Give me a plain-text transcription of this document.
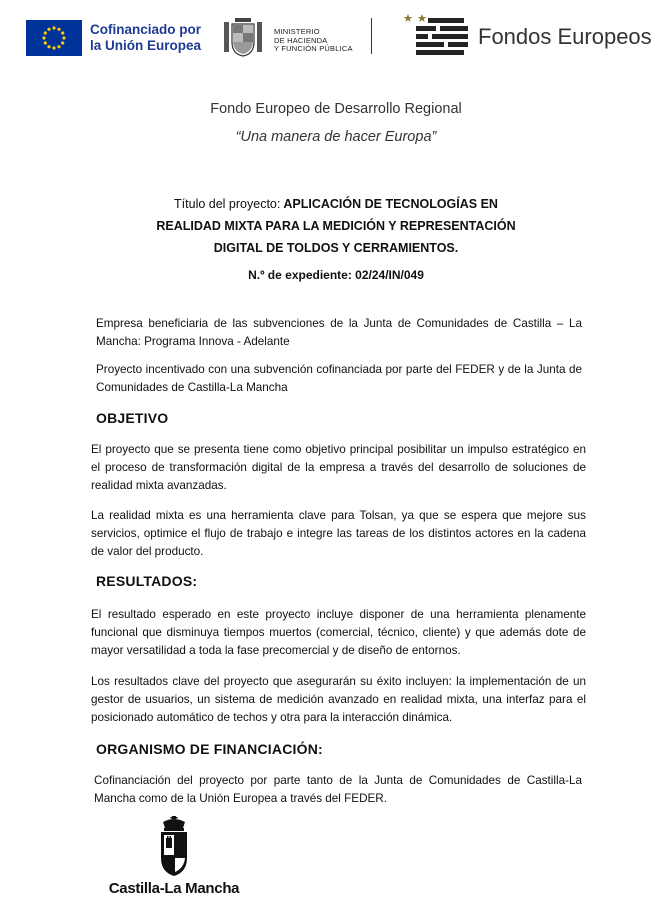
Cofinanciado por
la Unión Europea
MINISTERIO
DE HACIENDA
Y FUNCIÓN PÚBLICA	Fondos Europeos
Fondo Europeo de Desarrollo Regional
“Una manera de hacer Europa”
Título del proyecto: APLICACIÓN DE TECNOLOGÍAS EN
REALIDAD MIXTA PARA LA MEDICIÓN Y REPRESENTACIÓN
DIGITAL DE TOLDOS Y CERRAMIENTOS.
N.º de expediente: 02/24/IN/049
Empresa beneficiaria de las subvenciones de la Junta de Comunidades de Castilla – La Mancha: Programa Innova - Adelante
Proyecto incentivado con una subvención cofinanciada por parte del FEDER y de la Junta de Comunidades de Castilla-La Mancha
OBJETIVO
El proyecto que se presenta tiene como objetivo principal posibilitar un impulso estratégico en el proceso de transformación digital de la empresa a través del desarrollo de soluciones de realidad mixta avanzadas.
La realidad mixta es una herramienta clave para Tolsan, ya que se espera que mejore sus servicios, optimice el flujo de trabajo e integre las tareas de los distintos actores en la cadena de valor del producto.
RESULTADOS:
El resultado esperado en este proyecto incluye disponer de una herramienta plenamente funcional que disminuya tiempos muertos (comercial, técnico, cliente) y que además dote de mayor versatilidad a toda la fase precomercial y de diseño de entornos.
Los resultados clave del proyecto que asegurarán su éxito incluyen: la implementación de un gestor de usuarios, un sistema de medición avanzado en realidad mixta, una interfaz para el posicionado automático de techos y otra para la interacción dinámica.
ORGANISMO DE FINANCIACIÓN:
Cofinanciación del proyecto por parte tanto de la Junta de Comunidades de Castilla-La Mancha como de la Unión Europea a través del FEDER.
Castilla-La Mancha
